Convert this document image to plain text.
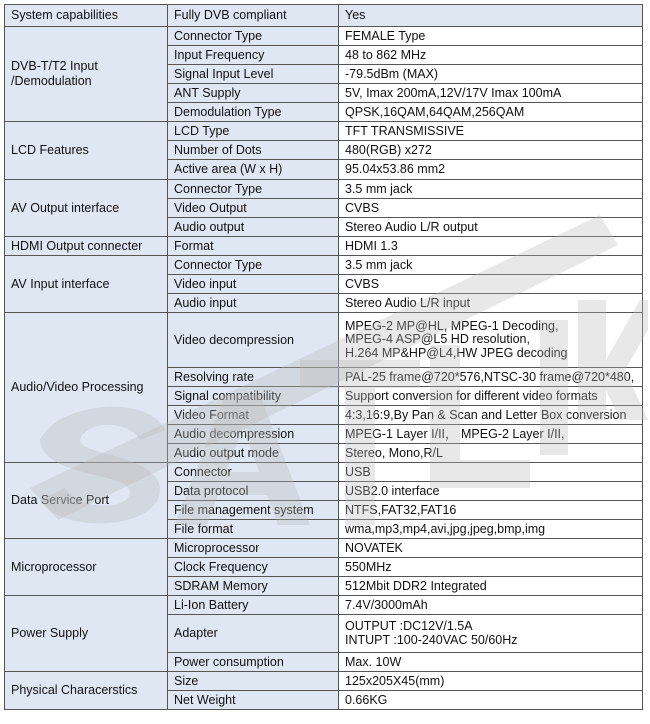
System capabilities	Fully DVB compliant	Yes
DVB-T/T2 Input
/Demodulation	Connector Type	FEMALE Type
	Input Frequency	48 to 862 MHz
	Signal Input Level	-79.5dBm (MAX)
	ANT Supply	5V, Imax 200mA,12V/17V Imax 100mA
	Demodulation Type	QPSK,16QAM,64QAM,256QAM
LCD Features	LCD Type	TFT TRANSMISSIVE
	Number of Dots	480(RGB) x272
	Active area (W x H)	95.04x53.86 mm2
AV Output interface	Connector Type	3.5 mm jack
	Video Output	CVBS
	Audio output	Stereo Audio L/R output
HDMI Output connecter	Format	HDMI 1.3
AV Input interface	Connector Type	3.5 mm jack
	Video input	CVBS
	Audio input	Stereo Audio L/R input
Audio/Video Processing	Video decompression	MPEG-2 MP@HL, MPEG-1 Decoding,
MPEG-4 ASP@L5 HD resolution,
H.264 MP&HP@L4,HW JPEG decoding
	Resolving rate	PAL-25 frame@720*576,NTSC-30 frame@720*480,
	Signal compatibility	Support conversion for different video formats
	Video Format	4:3,16:9,By Pan & Scan and Letter Box conversion
	Audio decompression	MPEG-1 Layer I/II， MPEG-2 Layer I/II,
	Audio output mode	Stereo, Mono,R/L
Data Service Port	Connector	USB
	Data protocol	USB2.0 interface
	File management system	NTFS,FAT32,FAT16
	File format	wma,mp3,mp4,avi,jpg,jpeg,bmp,img
Microprocessor	Microprocessor	NOVATEK
	Clock Frequency	550MHz
	SDRAM Memory	512Mbit DDR2 Integrated
Power Supply	Li-Ion Battery	7.4V/3000mAh
	Adapter	OUTPUT :DC12V/1.5A
INTUPT :100-240VAC 50/60Hz
	Power consumption	Max. 10W
Physical Characerstics	Size	125x205X45(mm)
	Net Weight	0.66KG
